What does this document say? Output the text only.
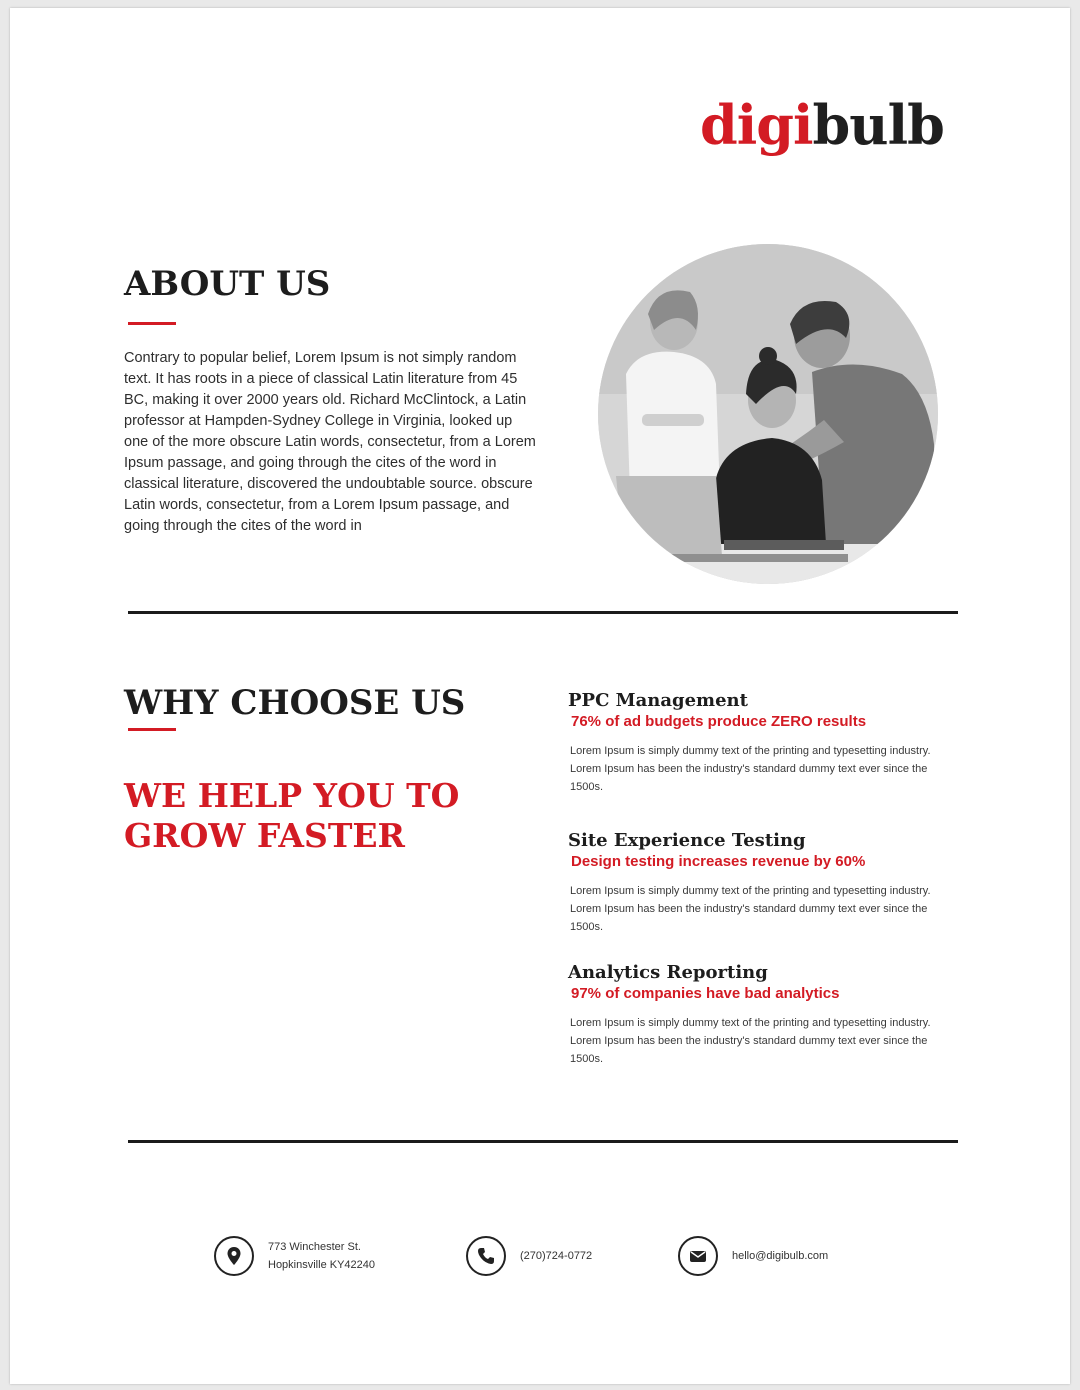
digibulb
ABOUT US

Contrary to popular belief, Lorem Ipsum is not simply random text. It has roots in a piece of classical Latin literature from 45 BC, making it over 2000 years old. Richard McClintock, a Latin professor at Hampden-Sydney College in Virginia, looked up one of the more obscure Latin words, consectetur, from a Lorem Ipsum passage, and going through the cites of the word in classical literature, discovered the undoubtable source. obscure Latin words, consectetur, from a Lorem Ipsum passage, and going through the cites of the word in

WHY CHOOSE US

WE HELP YOU TO GROW FASTER

PPC Management
76% of ad budgets produce ZERO results
Lorem Ipsum is simply dummy text of the printing and typesetting industry. Lorem Ipsum has been the industry's standard dummy text ever since the 1500s.
Site Experience Testing
Design testing increases revenue by 60%
Lorem Ipsum is simply dummy text of the printing and typesetting industry. Lorem Ipsum has been the industry's standard dummy text ever since the 1500s.
Analytics Reporting
97% of companies have bad analytics
Lorem Ipsum is simply dummy text of the printing and typesetting industry. Lorem Ipsum has been the industry's standard dummy text ever since the 1500s.
773 Winchester St.
Hopkinsville KY42240
(270)724-0772	hello@digibulb.com
